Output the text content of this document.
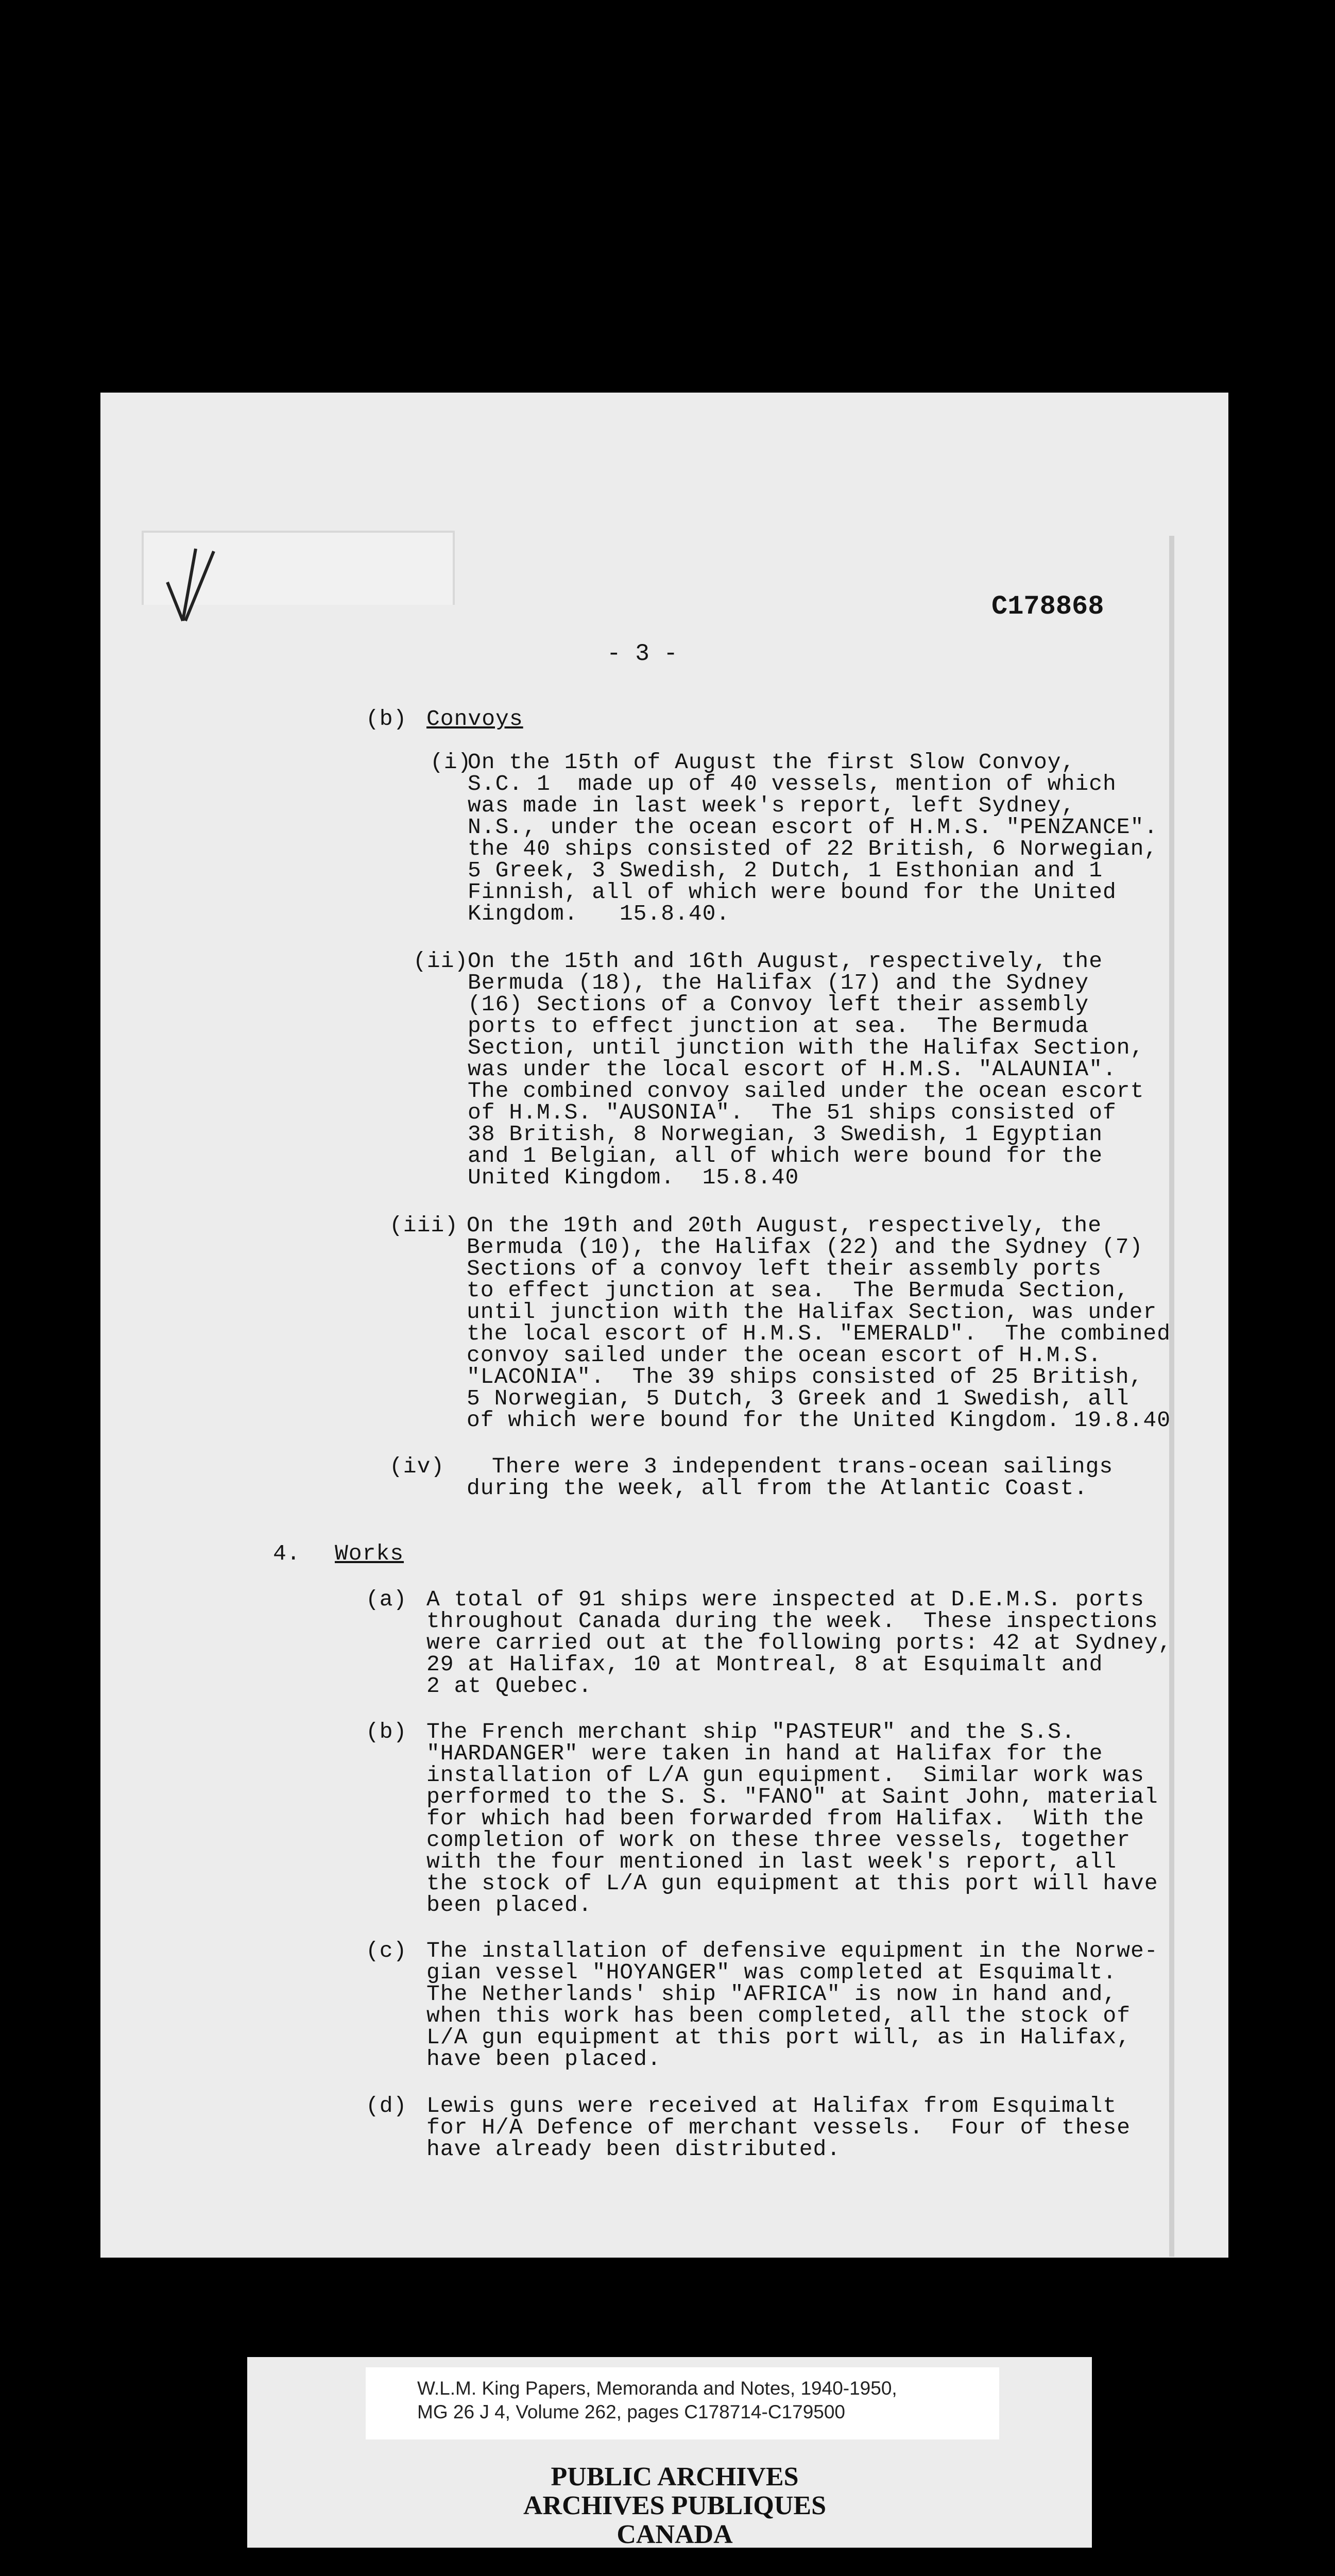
C178868
- 3 -
(b) Convoys
(i)
On the 15th of August the first Slow Convoy,
S.C. 1  made up of 40 vessels, mention of which
was made in last week's report, left Sydney,
N.S., under the ocean escort of H.M.S. "PENZANCE".
the 40 ships consisted of 22 British, 6 Norwegian,
5 Greek, 3 Swedish, 2 Dutch, 1 Esthonian and 1
Finnish, all of which were bound for the United
Kingdom.   15.8.40.
(ii)
On the 15th and 16th August, respectively, the
Bermuda (18), the Halifax (17) and the Sydney
(16) Sections of a Convoy left their assembly
ports to effect junction at sea.  The Bermuda
Section, until junction with the Halifax Section,
was under the local escort of H.M.S. "ALAUNIA".
The combined convoy sailed under the ocean escort
of H.M.S. "AUSONIA".  The 51 ships consisted of
38 British, 8 Norwegian, 3 Swedish, 1 Egyptian
and 1 Belgian, all of which were bound for the
United Kingdom.  15.8.40
(iii) On the 19th and 20th August, respectively, the
Bermuda (10), the Halifax (22) and the Sydney (7)
Sections of a convoy left their assembly ports
to effect junction at sea.  The Bermuda Section,
until junction with the Halifax Section, was under
the local escort of H.M.S. "EMERALD".  The combined
convoy sailed under the ocean escort of H.M.S.
"LACONIA".  The 39 ships consisted of 25 British,
5 Norwegian, 5 Dutch, 3 Greek and 1 Swedish, all
of which were bound for the United Kingdom. 19.8.40
(iv) There were 3 independent trans-ocean sailings
during the week, all from the Atlantic Coast.
4. Works
(a) A total of 91 ships were inspected at D.E.M.S. ports
throughout Canada during the week.  These inspections
were carried out at the following ports: 42 at Sydney,
29 at Halifax, 10 at Montreal, 8 at Esquimalt and
2 at Quebec.
(b) The French merchant ship "PASTEUR" and the S.S.
"HARDANGER" were taken in hand at Halifax for the
installation of L/A gun equipment.  Similar work was
performed to the S. S. "FANO" at Saint John, material
for which had been forwarded from Halifax.  With the
completion of work on these three vessels, together
with the four mentioned in last week's report, all
the stock of L/A gun equipment at this port will have
been placed.
(c) The installation of defensive equipment in the Norwe-
gian vessel "HOYANGER" was completed at Esquimalt.
The Netherlands' ship "AFRICA" is now in hand and,
when this work has been completed, all the stock of
L/A gun equipment at this port will, as in Halifax,
have been placed.
(d) Lewis guns were received at Halifax from Esquimalt
for H/A Defence of merchant vessels.  Four of these
have already been distributed.
W.L.M. King Papers, Memoranda and Notes, 1940-1950,
MG 26 J 4, Volume 262, pages C178714-C179500
PUBLIC ARCHIVES
ARCHIVES PUBLIQUES
CANADA
